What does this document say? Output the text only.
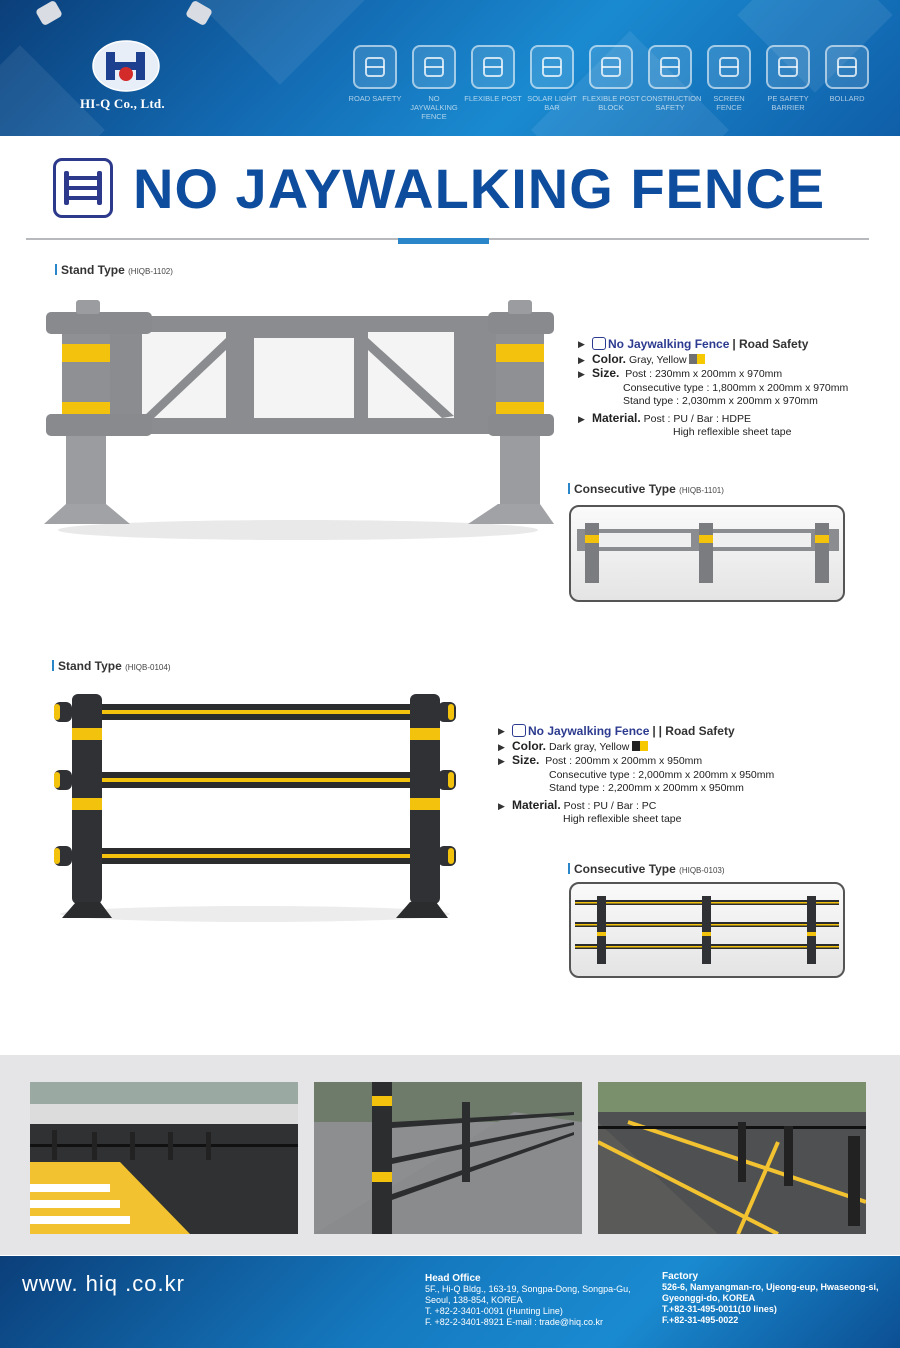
HI-Q Co., Ltd.	ROAD SAFETY	NO JAYWALKING FENCE
FLEXIBLE POST SOLAR LIGHT BAR
FLEXIBLE POST BLOCK
CONSTRUCTION SAFETY
SCREEN FENCE
PE SAFETY BARRIER
BOLLARD
NO JAYWALKING FENCE
Stand Type (HIQB-1102)
▶ No Jaywalking Fence | Road Safety
▶ Color. Gray, Yellow
▶ Size. Post : 230mm x 200mm x 970mm
Consecutive type : 1,800mm x 200mm x 970mm
Stand type : 2,030mm x 200mm x 970mm
▶ Material. Post : PU / Bar : HDPE
High reflexible sheet tape
Consecutive Type (HIQB-1101)
Stand Type (HIQB-0104)
▶ No Jaywalking Fence | | Road Safety
▶ Color. Dark gray, Yellow
▶ Size. Post : 200mm x 200mm x 950mm
Consecutive type : 2,000mm x 200mm x 950mm
Stand type : 2,200mm x 200mm x 950mm
▶ Material. Post : PU / Bar : PC
High reflexible sheet tape
Consecutive Type (HIQB-0103)
www. hiq .co.kr	Head Office
5F., Hi-Q Bldg., 163-19, Songpa-Dong, Songpa-Gu,
Seoul, 138-854, KOREA
T. +82-2-3401-0091 (Hunting Line)
F. +82-2-3401-8921 E-mail : trade@hiq.co.kr
Factory
526-6, Namyangman-ro, Ujeong-eup, Hwaseong-si,
Gyeonggi-do, KOREA
T.+82-31-495-0011(10 lines)
F.+82-31-495-0022
